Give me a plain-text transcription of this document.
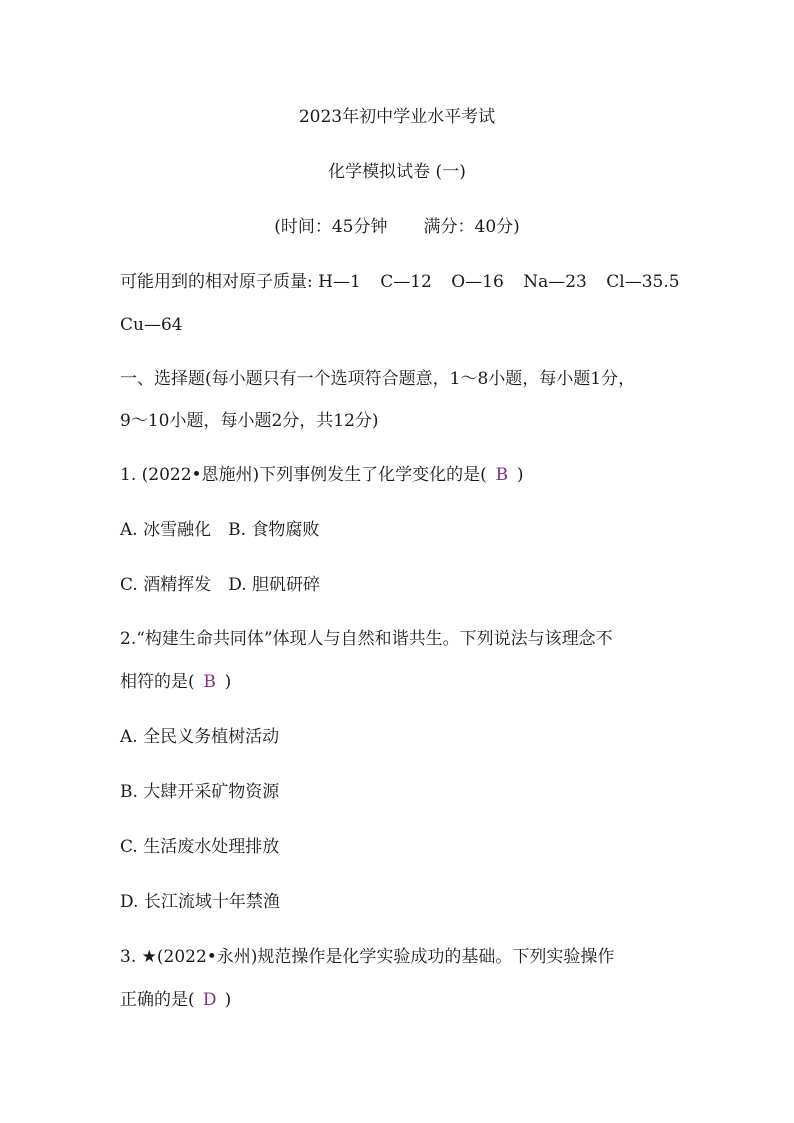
2023年初中学业水平考试
化学模拟试卷 (一)
(时间：45分钟 满分：40分)
可能用到的相对原子质量: H—1 C—12 O—16 Na—23 Cl—35.5
Cu—64
一、选择题(每小题只有一个选项符合题意，1～8小题，每小题1分，
9～10小题，每小题2分，共12分)
1. (2022•恩施州)下列事例发生了化学变化的是( B )
A. 冰雪融化　B. 食物腐败
C. 酒精挥发　D. 胆矾研碎
2.“构建生命共同体”体现人与自然和谐共生。下列说法与该理念不
相符的是( B )
A. 全民义务植树活动
B. 大肆开采矿物资源
C. 生活废水处理排放
D. 长江流域十年禁渔
3. ★(2022•永州)规范操作是化学实验成功的基础。下列实验操作
正确的是( D )
